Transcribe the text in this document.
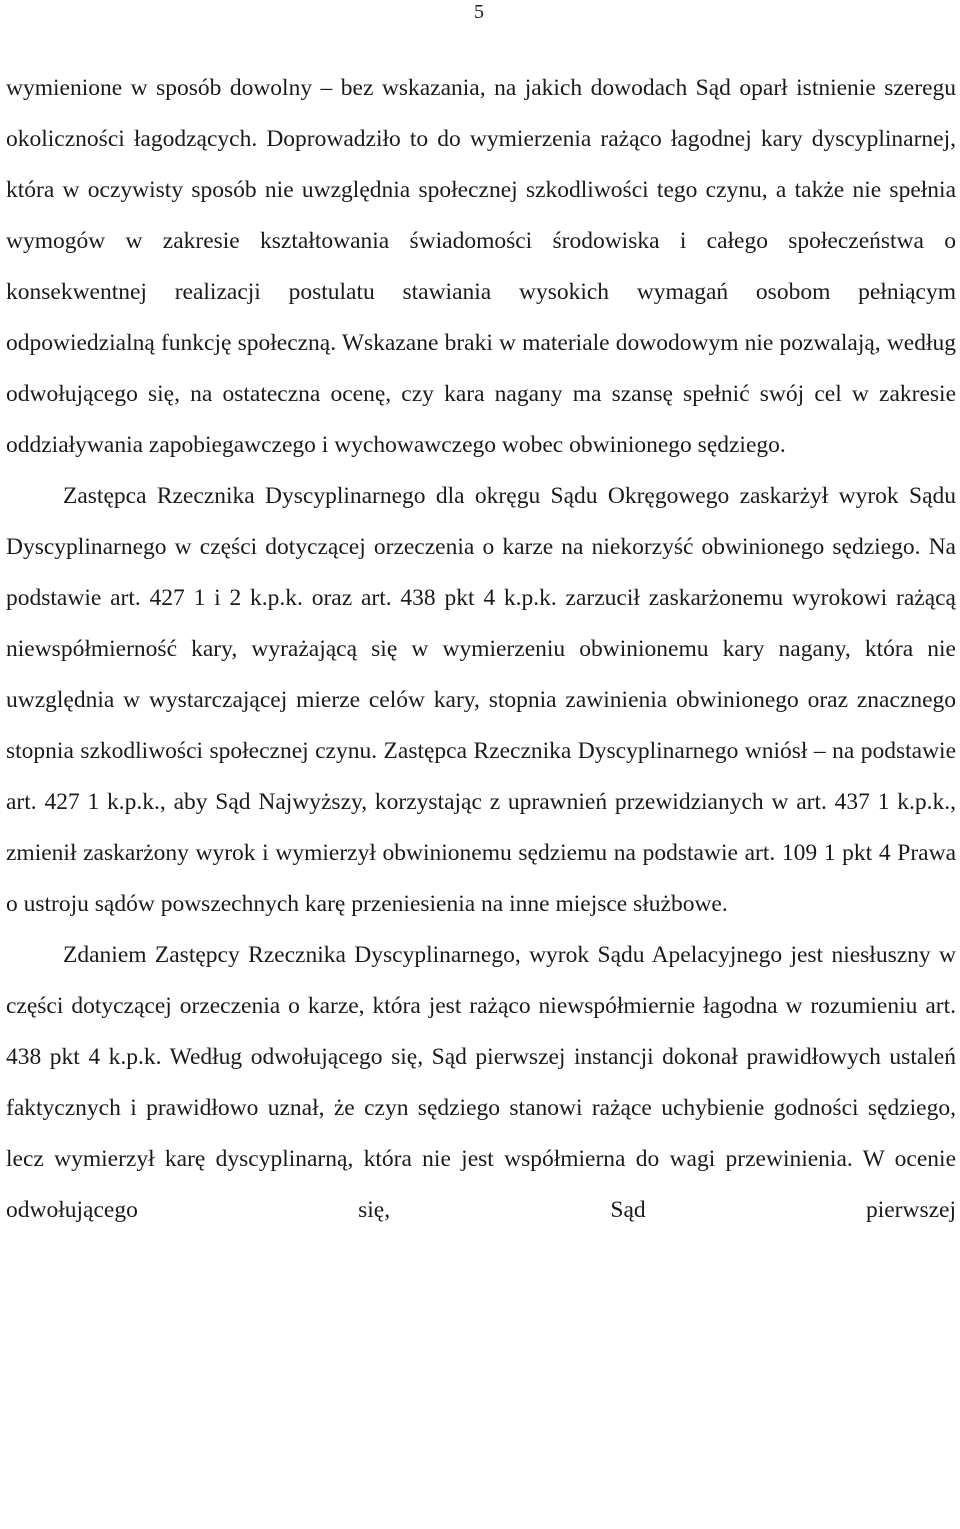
5

wymienione w sposób dowolny – bez wskazania, na jakich dowodach Sąd oparł istnienie szeregu okoliczności łagodzących. Doprowadziło to do wymierzenia rażąco łagodnej kary dyscyplinarnej, która w oczywisty sposób nie uwzględnia społecznej szkodliwości tego czynu, a także nie spełnia wymogów w zakresie kształtowania świadomości środowiska i całego społeczeństwa o konsekwentnej realizacji postulatu stawiania wysokich wymagań osobom pełniącym odpowiedzialną funkcję społeczną. Wskazane braki w materiale dowodowym nie pozwalają, według odwołującego się, na ostateczna ocenę, czy kara nagany ma szansę spełnić swój cel w zakresie oddziaływania zapobiegawczego i wychowawczego wobec obwinionego sędziego.

Zastępca Rzecznika Dyscyplinarnego dla okręgu Sądu Okręgowego zaskarżył wyrok Sądu Dyscyplinarnego w części dotyczącej orzeczenia o karze na niekorzyść obwinionego sędziego. Na podstawie art. 427 1 i 2 k.p.k. oraz art. 438 pkt 4 k.p.k. zarzucił zaskarżonemu wyrokowi rażącą niewspółmierność kary, wyrażającą się w wymierzeniu obwinionemu kary nagany, która nie uwzględnia w wystarczającej mierze celów kary, stopnia zawinienia obwinionego oraz znacznego stopnia szkodliwości społecznej czynu. Zastępca Rzecznika Dyscyplinarnego wniósł – na podstawie art. 427 1 k.p.k., aby Sąd Najwyższy, korzystając z uprawnień przewidzianych w art. 437 1 k.p.k., zmienił zaskarżony wyrok i wymierzył obwinionemu sędziemu na podstawie art. 109 1 pkt 4 Prawa o ustroju sądów powszechnych karę przeniesienia na inne miejsce służbowe.

Zdaniem Zastępcy Rzecznika Dyscyplinarnego, wyrok Sądu Apelacyjnego jest niesłuszny w części dotyczącej orzeczenia o karze, która jest rażąco niewspółmiernie łagodna w rozumieniu art. 438 pkt 4 k.p.k. Według odwołującego się, Sąd pierwszej instancji dokonał prawidłowych ustaleń faktycznych i prawidłowo uznał, że czyn sędziego stanowi rażące uchybienie godności sędziego, lecz wymierzył karę dyscyplinarną, która nie jest współmierna do wagi przewinienia. W ocenie odwołującego się, Sąd pierwszej
